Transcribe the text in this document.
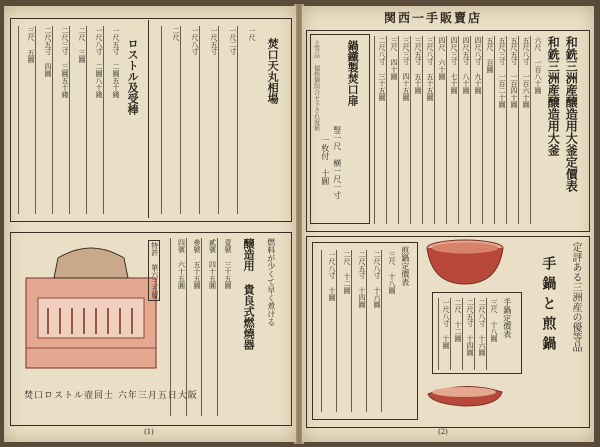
関西一手販賣店
和銑三洲産醸造用大釜定價表
和銑三洲産醸造用大釜
六尺 一百八十圓
五尺八寸 一百六十圓
五尺五寸 一百四十圓
五尺三寸 一百二十圓
五尺 百圓
四尺八寸 九十圓
四尺五寸 八十圓
四尺三寸 七十圓
四尺 六十圓
三尺八寸 五十五圓
三尺五寸 五十圓
三尺三寸 四十五圓
三尺 四十圓
二尺八寸 三十五圓
鍋鐵製焚口扉
竪一尺 横一尺一寸
一枚付 十圓
上等品 價格御問合せ下され度候
定評ある三洲産の優等品
手鍋と煎鍋
手鍋定價表
三尺 十八圓
二尺八寸 十六圓
二尺五寸 十四圓
二尺 十二圓
一尺八寸 十圓
煎鍋定價表
三尺 十八圓
二尺八寸 十六圓
二尺五寸 十四圓
二尺 十二圓
一尺八寸 十圓
(2)
ロストル及受棒
一尺五寸 二圓五十錢
一尺八寸 二圓八十錢
二尺 三圓
二尺三寸 三圓五十錢
二尺五寸 四圓
三尺 五圓	焚口天丸相場
一尺
一尺二寸
一尺五寸
一尺八寸
二尺
燃料が少くて早く煮ける
醸造用 貴良式燃燒器
壹號 三十五圓
貳號 四十五圓
參號 五十五圓
四號 六十五圓
特許 第六三五號
焚口ロストル壺回土 六年三月五日大阪
(1)
